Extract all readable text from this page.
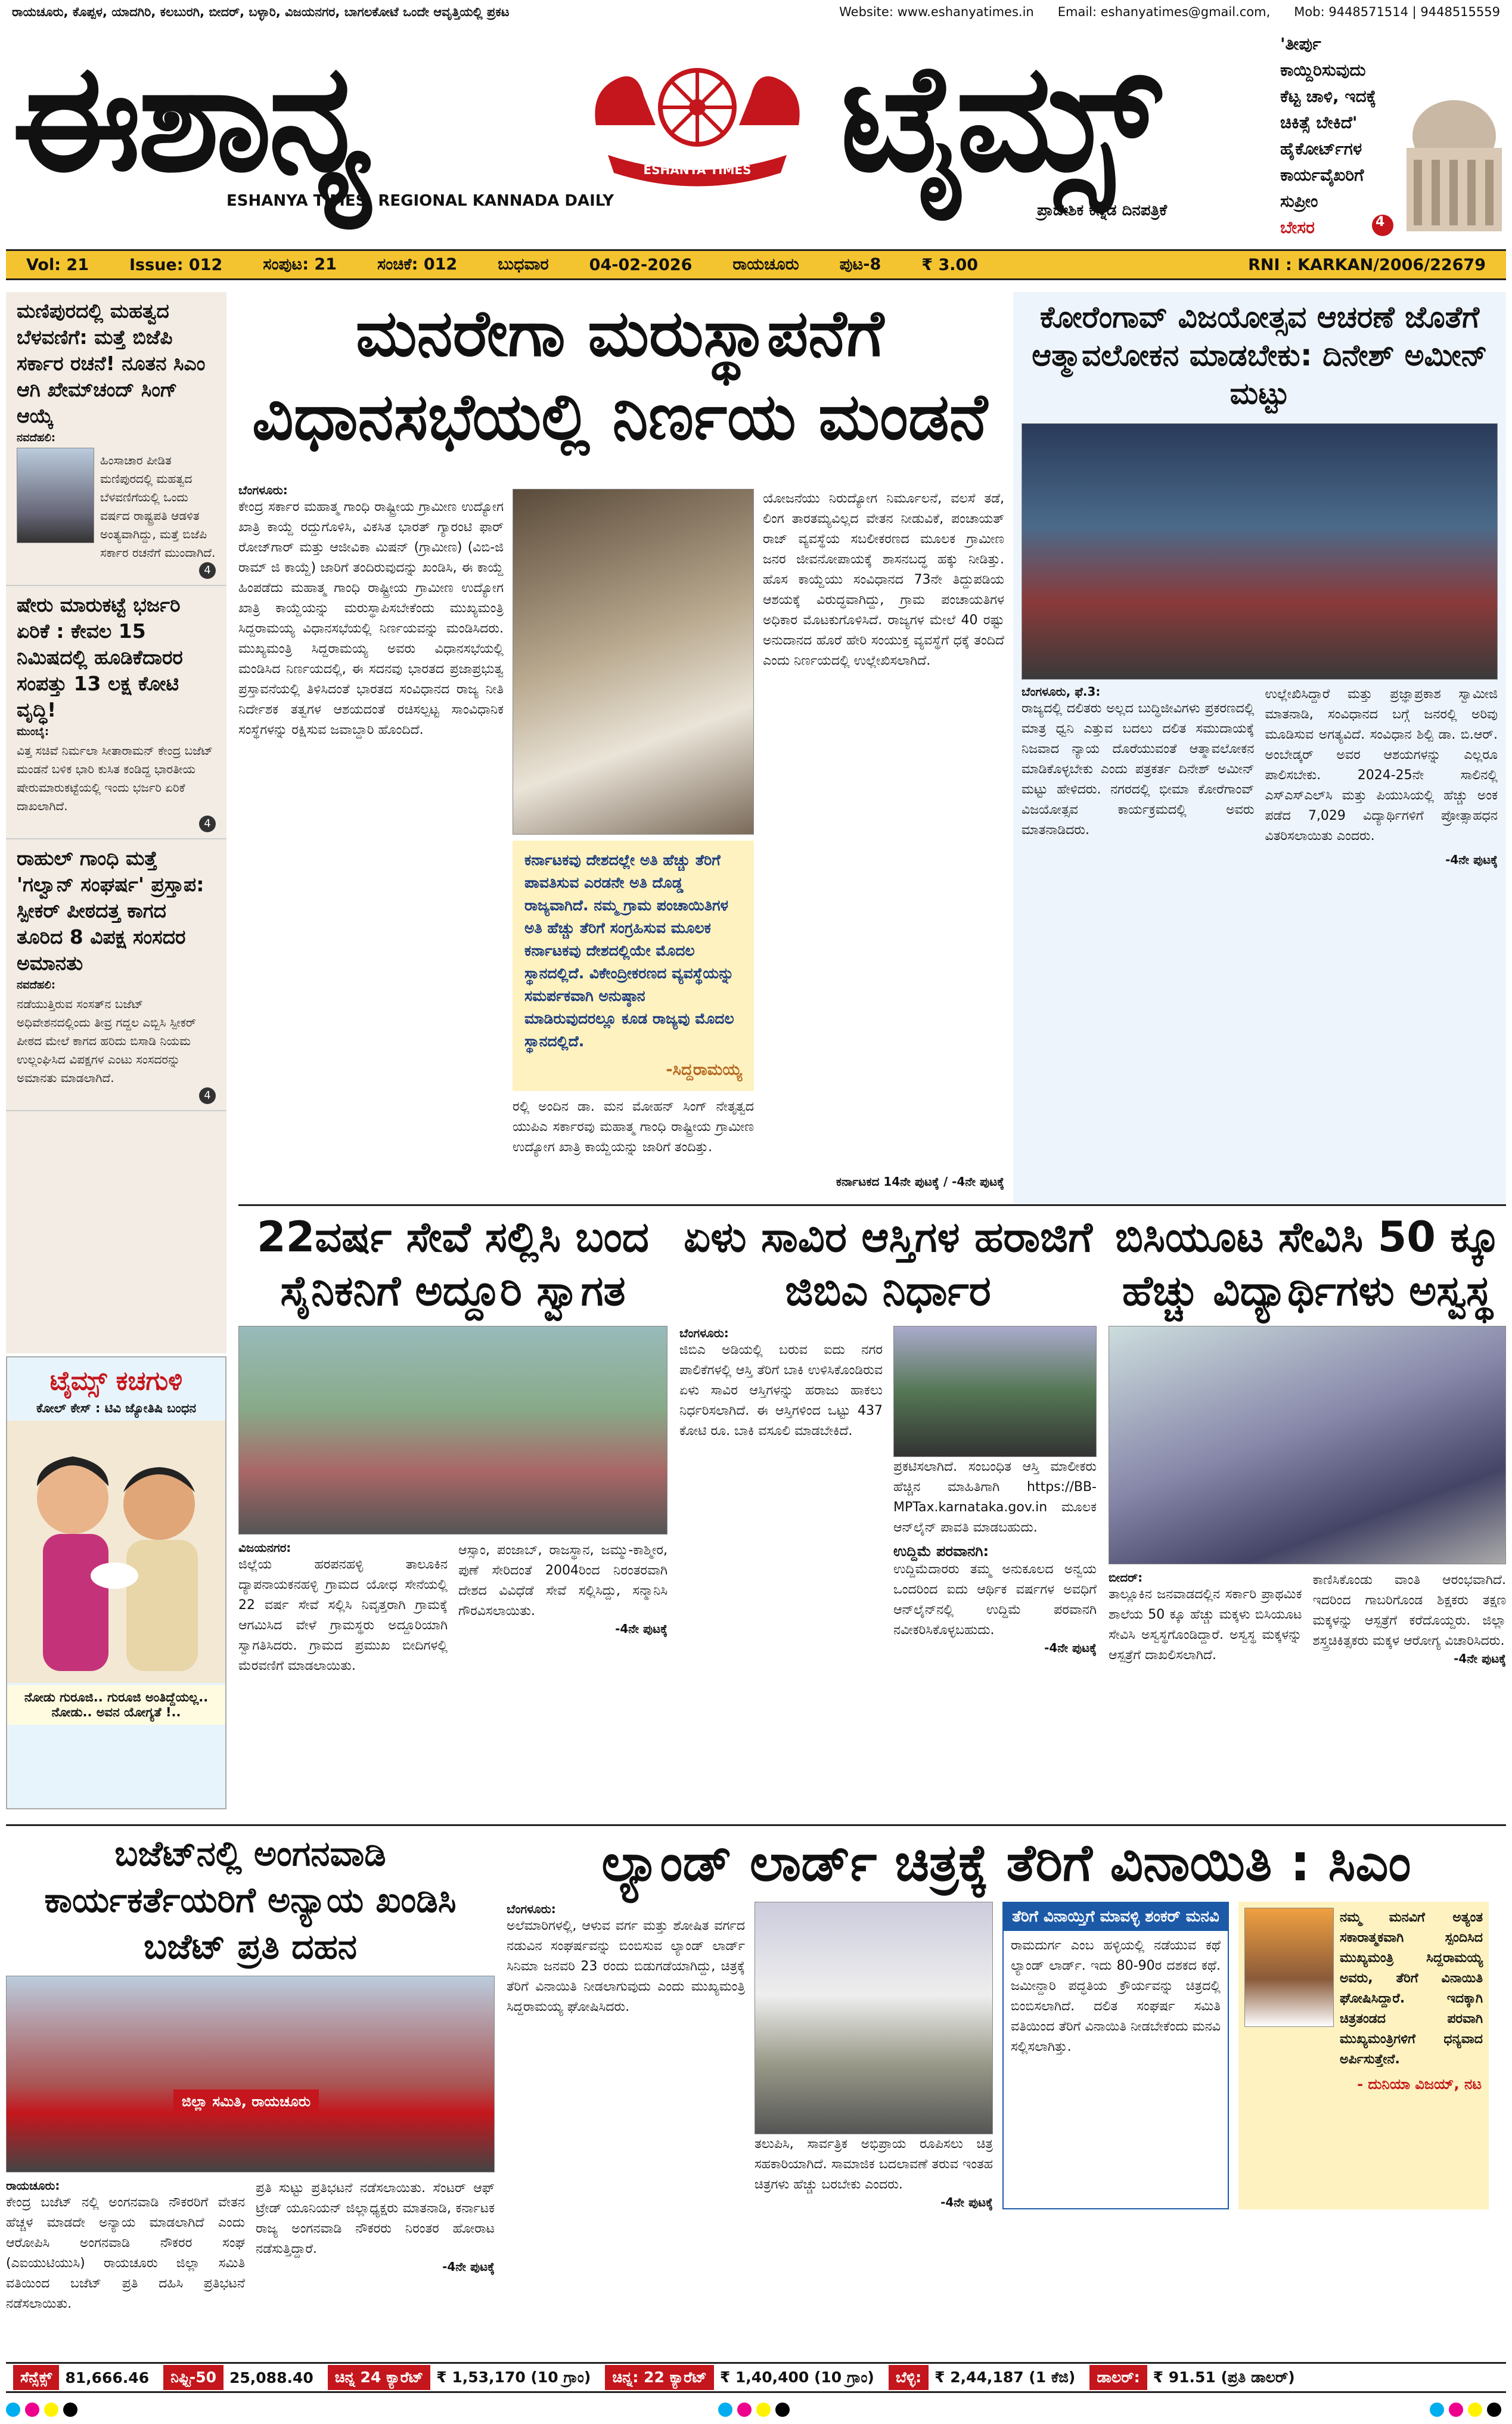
ರಾಯಚೂರು, ಕೊಪ್ಪಳ, ಯಾದಗಿರಿ, ಕಲಬುರಗಿ, ಬೀದರ್, ಬಳ್ಳಾರಿ, ವಿಜಯನಗರ, ಬಾಗಲಕೋಟೆ ಒಂದೇ ಆವೃತ್ತಿಯಲ್ಲಿ ಪ್ರಕಟ	Website: www.eshanyatimes.in Email: eshanyatimes@gmail.com, Mob: 9448571514 | 9448515559
ಈಶಾನ್ಯ	ESHANYA TIMES ಟೈಮ್ಸ್
ESHANYA TIMES, REGIONAL KANNADA DAILY
ಪ್ರಾದೇಶಿಕ ಕನ್ನಡ ದಿನಪತ್ರಿಕೆ
4
'ತೀರ್ಪು ಕಾಯ್ದಿರಿಸುವುದು
ಕೆಟ್ಟ ಚಾಳಿ, ಇದಕ್ಕೆ
ಚಿಕಿತ್ಸೆ ಬೇಕಿದೆ'
ಹೈಕೋರ್ಟ್‌ಗಳ
ಕಾರ್ಯವೈಖರಿಗೆ
ಸುಪ್ರೀಂ
ಬೇಸರ
Vol: 21	Issue: 012	ಸಂಪುಟ: 21	ಸಂಚಿಕೆ: 012	ಬುಧವಾರ	04-02-2026	ರಾಯಚೂರು	ಪುಟ-8	₹ 3.00	RNI : KARKAN/2006/22679
ಮಣಿಪುರದಲ್ಲಿ ಮಹತ್ವದ ಬೆಳವಣಿಗೆ: ಮತ್ತೆ ಬಿಜೆಪಿ ಸರ್ಕಾರ ರಚನೆ! ನೂತನ ಸಿಎಂ ಆಗಿ ಖೇಮ್‌ಚಂದ್ ಸಿಂಗ್ ಆಯ್ಕೆ
ನವದೆಹಲಿ:
ಹಿಂಸಾಚಾರ ಪೀಡಿತ ಮಣಿಪುರದಲ್ಲಿ ಮಹತ್ವದ ಬೆಳವಣಿಗೆಯಲ್ಲಿ ಒಂದು ವರ್ಷದ ರಾಷ್ಟ್ರಪತಿ ಆಡಳಿತ ಅಂತ್ಯವಾಗಿದ್ದು, ಮತ್ತೆ ಬಿಜೆಪಿ ಸರ್ಕಾರ ರಚನೆಗೆ ಮುಂದಾಗಿದೆ.
4
ಷೇರು ಮಾರುಕಟ್ಟೆ ಭರ್ಜರಿ ಏರಿಕೆ : ಕೇವಲ 15 ನಿಮಿಷದಲ್ಲಿ ಹೂಡಿಕೆದಾರರ ಸಂಪತ್ತು 13 ಲಕ್ಷ ಕೋಟಿ ವೃದ್ಧಿ!
ಮುಂಬೈ:
ವಿತ್ತ ಸಚಿವೆ ನಿರ್ಮಲಾ ಸೀತಾರಾಮನ್ ಕೇಂದ್ರ ಬಜೆಟ್ ಮಂಡನೆ ಬಳಿಕ ಭಾರಿ ಕುಸಿತ ಕಂಡಿದ್ದ ಭಾರತೀಯ ಷೇರುಮಾರುಕಟ್ಟೆಯಲ್ಲಿ ಇಂದು ಭರ್ಜರಿ ಏರಿಕೆ ದಾಖಲಾಗಿದೆ.
4
ರಾಹುಲ್ ಗಾಂಧಿ ಮತ್ತೆ 'ಗಲ್ವಾನ್ ಸಂಘರ್ಷ' ಪ್ರಸ್ತಾಪ: ಸ್ಪೀಕರ್ ಪೀಠದತ್ತ ಕಾಗದ ತೂರಿದ 8 ವಿಪಕ್ಷ ಸಂಸದರ ಅಮಾನತು
ನವದೆಹಲಿ:
ನಡೆಯುತ್ತಿರುವ ಸಂಸತ್‌ನ ಬಜೆಟ್ ಅಧಿವೇಶನದಲ್ಲಿಂದು ತೀವ್ರ ಗದ್ದಲ ಎಬ್ಬಿಸಿ ಸ್ಪೀಕರ್ ಪೀಠದ ಮೇಲೆ ಕಾಗದ ಹರಿದು ಬಿಸಾಡಿ ನಿಯಮ ಉಲ್ಲಂಘಿಸಿದ ವಿಪಕ್ಷಗಳ ಎಂಟು ಸಂಸದರನ್ನು ಅಮಾನತು ಮಾಡಲಾಗಿದೆ.
4
ಟೈಮ್ಸ್ ಕಚಗುಳಿ
ಕೋಲ್ ಕೇಸ್ : ಟಿವಿ ಜ್ಯೋತಿಷಿ ಬಂಧನ
ನೋಡು ಗುರೂಜಿ.. ಗುರೂಜಿ ಅಂತಿದ್ದೆಯಲ್ಲ.. ನೋಡು.. ಅವನ ಯೋಗ್ಯತೆ !..
ಮನರೇಗಾ ಮರುಸ್ಥಾಪನೆಗೆ
ವಿಧಾನಸಭೆಯಲ್ಲಿ ನಿರ್ಣಯ ಮಂಡನೆ
ಬೆಂಗಳೂರು:
ಕೇಂದ್ರ ಸರ್ಕಾರ ಮಹಾತ್ಮ ಗಾಂಧಿ ರಾಷ್ಟ್ರೀಯ ಗ್ರಾಮೀಣ ಉದ್ಯೋಗ ಖಾತ್ರಿ ಕಾಯ್ದೆ ರದ್ದುಗೊಳಿಸಿ, ವಿಕಸಿತ ಭಾರತ್ ಗ್ಯಾರಂಟಿ ಫಾರ್ ರೋಜ್‌ಗಾರ್ ಮತ್ತು ಆಜೀವಿಕಾ ಮಿಷನ್ (ಗ್ರಾಮೀಣ) (ವಿಬಿ-ಜಿ ರಾಮ್ ಜಿ ಕಾಯ್ದೆ) ಜಾರಿಗೆ ತಂದಿರುವುದನ್ನು ಖಂಡಿಸಿ, ಈ ಕಾಯ್ದೆ ಹಿಂಪಡೆದು ಮಹಾತ್ಮ ಗಾಂಧಿ ರಾಷ್ಟ್ರೀಯ ಗ್ರಾಮೀಣ ಉದ್ಯೋಗ ಖಾತ್ರಿ ಕಾಯ್ದೆಯನ್ನು ಮರುಸ್ಥಾಪಿಸಬೇಕೆಂದು ಮುಖ್ಯಮಂತ್ರಿ ಸಿದ್ದರಾಮಯ್ಯ ವಿಧಾನಸಭೆಯಲ್ಲಿ ನಿರ್ಣಯವನ್ನು ಮಂಡಿಸಿದರು. ಮುಖ್ಯಮಂತ್ರಿ ಸಿದ್ದರಾಮಯ್ಯ ಅವರು ವಿಧಾನಸಭೆಯಲ್ಲಿ ಮಂಡಿಸಿದ ನಿರ್ಣಯದಲ್ಲಿ, ಈ ಸದನವು ಭಾರತದ ಪ್ರಜಾಪ್ರಭುತ್ವ ಪ್ರಸ್ತಾವನೆಯಲ್ಲಿ ತಿಳಿಸಿದಂತೆ ಭಾರತದ ಸಂವಿಧಾನದ ರಾಜ್ಯ ನೀತಿ ನಿರ್ದೇಶಕ ತತ್ವಗಳ ಆಶಯದಂತೆ ರಚಿಸಲ್ಪಟ್ಟ ಸಾಂವಿಧಾನಿಕ ಸಂಸ್ಥೆಗಳನ್ನು ರಕ್ಷಿಸುವ ಜವಾಬ್ದಾರಿ ಹೊಂದಿದೆ.
ಕರ್ನಾಟಕವು ದೇಶದಲ್ಲೇ ಅತಿ ಹೆಚ್ಚು ತೆರಿಗೆ ಪಾವತಿಸುವ ಎರಡನೇ ಅತಿ ದೊಡ್ಡ ರಾಜ್ಯವಾಗಿದೆ. ನಮ್ಮ ಗ್ರಾಮ ಪಂಚಾಯಿತಿಗಳ ಅತಿ ಹೆಚ್ಚು ತೆರಿಗೆ ಸಂಗ್ರಹಿಸುವ ಮೂಲಕ ಕರ್ನಾಟಕವು ದೇಶದಲ್ಲಿಯೇ ಮೊದಲ ಸ್ಥಾನದಲ್ಲಿದೆ. ವಿಕೇಂದ್ರೀಕರಣದ ವ್ಯವಸ್ಥೆಯನ್ನು ಸಮರ್ಪಕವಾಗಿ ಅನುಷ್ಠಾನ ಮಾಡಿರುವುದರಲ್ಲೂ ಕೂಡ ರಾಜ್ಯವು ಮೊದಲ ಸ್ಥಾನದಲ್ಲಿದೆ.
-ಸಿದ್ದರಾಮಯ್ಯ
ರಲ್ಲಿ ಅಂದಿನ ಡಾ. ಮನ ಮೋಹನ್ ಸಿಂಗ್ ನೇತೃತ್ವದ ಯುಪಿಎ ಸರ್ಕಾರವು ಮಹಾತ್ಮ ಗಾಂಧಿ ರಾಷ್ಟ್ರೀಯ ಗ್ರಾಮೀಣ ಉದ್ಯೋಗ ಖಾತ್ರಿ ಕಾಯ್ದೆಯನ್ನು ಜಾರಿಗೆ ತಂದಿತ್ತು.
ಯೋಜನೆಯು ನಿರುದ್ಯೋಗ ನಿರ್ಮೂಲನೆ, ವಲಸೆ ತಡೆ, ಲಿಂಗ ತಾರತಮ್ಯವಿಲ್ಲದ ವೇತನ ನೀಡುವಿಕೆ, ಪಂಚಾಯತ್ ರಾಜ್ ವ್ಯವಸ್ಥೆಯ ಸಬಲೀಕರಣದ ಮೂಲಕ ಗ್ರಾಮೀಣ ಜನರ ಜೀವನೋಪಾಯಕ್ಕೆ ಶಾಸನಬದ್ಧ ಹಕ್ಕು ನೀಡಿತ್ತು. ಹೊಸ ಕಾಯ್ದೆಯು ಸಂವಿಧಾನದ 73ನೇ ತಿದ್ದುಪಡಿಯ ಆಶಯಕ್ಕೆ ವಿರುದ್ಧವಾಗಿದ್ದು, ಗ್ರಾಮ ಪಂಚಾಯತಿಗಳ ಅಧಿಕಾರ ಮೊಟಕುಗೊಳಿಸಿದೆ. ರಾಜ್ಯಗಳ ಮೇಲೆ 40 ರಷ್ಟು ಅನುದಾನದ ಹೊರೆ ಹೇರಿ ಸಂಯುಕ್ತ ವ್ಯವಸ್ಥೆಗೆ ಧಕ್ಕೆ ತಂದಿದೆ ಎಂದು ನಿರ್ಣಯದಲ್ಲಿ ಉಲ್ಲೇಖಿಸಲಾಗಿದೆ.
ಕರ್ನಾಟಕದ 14ನೇ ಪುಟಕ್ಕೆ / -4ನೇ ಪುಟಕ್ಕೆ
ಕೋರೆಂಗಾವ್ ವಿಜಯೋತ್ಸವ ಆಚರಣೆ ಜೊತೆಗೆ ಆತ್ಮಾವಲೋಕನ ಮಾಡಬೇಕು: ದಿನೇಶ್ ಅಮೀನ್ ಮಟ್ಟು
ಬೆಂಗಳೂರು, ಫೆ.3:
ರಾಜ್ಯದಲ್ಲಿ ದಲಿತರು ಅಲ್ಲದ ಬುದ್ಧಿಜೀವಿಗಳು ಪ್ರಕರಣದಲ್ಲಿ ಮಾತ್ರ ಧ್ವನಿ ಎತ್ತುವ ಬದಲು ದಲಿತ ಸಮುದಾಯಕ್ಕೆ ನಿಜವಾದ ನ್ಯಾಯ ದೊರೆಯುವಂತೆ ಆತ್ಮಾವಲೋಕನ ಮಾಡಿಕೊಳ್ಳಬೇಕು ಎಂದು ಪತ್ರಕರ್ತ ದಿನೇಶ್ ಅಮೀನ್ ಮಟ್ಟು ಹೇಳಿದರು. ನಗರದಲ್ಲಿ ಭೀಮಾ ಕೋರೆಗಾಂವ್ ವಿಜಯೋತ್ಸವ ಕಾರ್ಯಕ್ರಮದಲ್ಲಿ ಅವರು ಮಾತನಾಡಿದರು.
ಉಲ್ಲೇಖಿಸಿದ್ದಾರೆ ಮತ್ತು ಪ್ರಜ್ಞಾಪ್ರಕಾಶ ಸ್ವಾಮೀಜಿ ಮಾತನಾಡಿ, ಸಂವಿಧಾನದ ಬಗ್ಗೆ ಜನರಲ್ಲಿ ಅರಿವು ಮೂಡಿಸುವ ಅಗತ್ಯವಿದೆ. ಸಂವಿಧಾನ ಶಿಲ್ಪಿ ಡಾ. ಬಿ.ಆರ್. ಅಂಬೇಡ್ಕರ್ ಅವರ ಆಶಯಗಳನ್ನು ಎಲ್ಲರೂ ಪಾಲಿಸಬೇಕು. 2024-25ನೇ ಸಾಲಿನಲ್ಲಿ ಎಸ್‌ಎಸ್‌ಎಲ್‌ಸಿ ಮತ್ತು ಪಿಯುಸಿಯಲ್ಲಿ ಹೆಚ್ಚು ಅಂಕ ಪಡೆದ 7,029 ವಿದ್ಯಾರ್ಥಿಗಳಿಗೆ ಪ್ರೋತ್ಸಾಹಧನ ವಿತರಿಸಲಾಯಿತು ಎಂದರು.
-4ನೇ ಪುಟಕ್ಕೆ
22ವರ್ಷ ಸೇವೆ ಸಲ್ಲಿಸಿ ಬಂದ ಸೈನಿಕನಿಗೆ ಅದ್ದೂರಿ ಸ್ವಾಗತ
ವಿಜಯನಗರ:
ಜಿಲ್ಲೆಯ ಹರಪನಹಳ್ಳಿ ತಾಲೂಕಿನ ದ್ಯಾಪನಾಯಕನಹಳ್ಳಿ ಗ್ರಾಮದ ಯೋಧ ಸೇನೆಯಲ್ಲಿ 22 ವರ್ಷ ಸೇವೆ ಸಲ್ಲಿಸಿ ನಿವೃತ್ತರಾಗಿ ಗ್ರಾಮಕ್ಕೆ ಆಗಮಿಸಿದ ವೇಳೆ ಗ್ರಾಮಸ್ಥರು ಅದ್ದೂರಿಯಾಗಿ ಸ್ವಾಗತಿಸಿದರು. ಗ್ರಾಮದ ಪ್ರಮುಖ ಬೀದಿಗಳಲ್ಲಿ ಮೆರವಣಿಗೆ ಮಾಡಲಾಯಿತು.
ಆಸ್ಸಾಂ, ಪಂಜಾಬ್, ರಾಜಸ್ಥಾನ, ಜಮ್ಮು-ಕಾಶ್ಮೀರ, ಪುಣೆ ಸೇರಿದಂತೆ 2004ರಿಂದ ನಿರಂತರವಾಗಿ ದೇಶದ ವಿವಿಧೆಡೆ ಸೇವೆ ಸಲ್ಲಿಸಿದ್ದು, ಸನ್ಮಾನಿಸಿ ಗೌರವಿಸಲಾಯಿತು.
-4ನೇ ಪುಟಕ್ಕೆ
ಏಳು ಸಾವಿರ ಆಸ್ತಿಗಳ ಹರಾಜಿಗೆ ಜಿಬಿಎ ನಿರ್ಧಾರ
ಬೆಂಗಳೂರು:
ಜಿಬಿಎ ಅಡಿಯಲ್ಲಿ ಬರುವ ಐದು ನಗರ ಪಾಲಿಕೆಗಳಲ್ಲಿ ಆಸ್ತಿ ತೆರಿಗೆ ಬಾಕಿ ಉಳಿಸಿಕೊಂಡಿರುವ ಏಳು ಸಾವಿರ ಆಸ್ತಿಗಳನ್ನು ಹರಾಜು ಹಾಕಲು ನಿರ್ಧರಿಸಲಾಗಿದೆ. ಈ ಆಸ್ತಿಗಳಿಂದ ಒಟ್ಟು 437 ಕೋಟಿ ರೂ. ಬಾಕಿ ವಸೂಲಿ ಮಾಡಬೇಕಿದೆ.
ಪ್ರಕಟಿಸಲಾಗಿದೆ. ಸಂಬಂಧಿತ ಆಸ್ತಿ ಮಾಲೀಕರು ಹೆಚ್ಚಿನ ಮಾಹಿತಿಗಾಗಿ https://BB-MPTax.karnataka.gov.in ಮೂಲಕ ಆನ್‌ಲೈನ್ ಪಾವತಿ ಮಾಡಬಹುದು.
ಉದ್ದಿಮೆ ಪರವಾನಗಿ:
ಉದ್ದಿಮೆದಾರರು ತಮ್ಮ ಅನುಕೂಲದ ಅನ್ವಯ ಒಂದರಿಂದ ಐದು ಆರ್ಥಿಕ ವರ್ಷಗಳ ಅವಧಿಗೆ ಆನ್‌ಲೈನ್‌ನಲ್ಲಿ ಉದ್ದಿಮೆ ಪರವಾನಗಿ ನವೀಕರಿಸಿಕೊಳ್ಳಬಹುದು.
-4ನೇ ಪುಟಕ್ಕೆ
ಬಿಸಿಯೂಟ ಸೇವಿಸಿ 50 ಕ್ಕೂ ಹೆಚ್ಚು ವಿದ್ಯಾರ್ಥಿಗಳು ಅಸ್ವಸ್ಥ
ಬೀದರ್:
ತಾಲ್ಲೂಕಿನ ಜನವಾಡದಲ್ಲಿನ ಸರ್ಕಾರಿ ಪ್ರಾಥಮಿಕ ಶಾಲೆಯ 50 ಕ್ಕೂ ಹೆಚ್ಚು ಮಕ್ಕಳು ಬಿಸಿಯೂಟ ಸೇವಿಸಿ ಅಸ್ವಸ್ಥಗೊಂಡಿದ್ದಾರೆ. ಅಸ್ವಸ್ಥ ಮಕ್ಕಳನ್ನು ಆಸ್ಪತ್ರೆಗೆ ದಾಖಲಿಸಲಾಗಿದೆ.
ಕಾಣಿಸಿಕೊಂಡು ವಾಂತಿ ಆರಂಭವಾಗಿದೆ. ಇದರಿಂದ ಗಾಬರಿಗೊಂಡ ಶಿಕ್ಷಕರು ತಕ್ಷಣ ಮಕ್ಕಳನ್ನು ಆಸ್ಪತ್ರೆಗೆ ಕರೆದೊಯ್ದರು. ಜಿಲ್ಲಾ ಶಸ್ತ್ರಚಿಕಿತ್ಸಕರು ಮಕ್ಕಳ ಆರೋಗ್ಯ ವಿಚಾರಿಸಿದರು.
-4ನೇ ಪುಟಕ್ಕೆ
ಬಜೆಟ್‌ನಲ್ಲಿ ಅಂಗನವಾಡಿ ಕಾರ್ಯಕರ್ತೆಯರಿಗೆ ಅನ್ಯಾಯ ಖಂಡಿಸಿ ಬಜೆಟ್ ಪ್ರತಿ ದಹನ
ಜಿಲ್ಲಾ ಸಮಿತಿ, ರಾಯಚೂರು
ರಾಯಚೂರು:
ಕೇಂದ್ರ ಬಜೆಟ್ ನಲ್ಲಿ ಅಂಗನವಾಡಿ ನೌಕರರಿಗೆ ವೇತನ ಹೆಚ್ಚಳ ಮಾಡದೇ ಅನ್ಯಾಯ ಮಾಡಲಾಗಿದೆ ಎಂದು ಆರೋಪಿಸಿ ಅಂಗನವಾಡಿ ನೌಕರರ ಸಂಘ (ಎಐಯುಟಿಯುಸಿ) ರಾಯಚೂರು ಜಿಲ್ಲಾ ಸಮಿತಿ ವತಿಯಿಂದ ಬಜೆಟ್ ಪ್ರತಿ ದಹಿಸಿ ಪ್ರತಿಭಟನೆ ನಡೆಸಲಾಯಿತು.
ಪ್ರತಿ ಸುಟ್ಟು ಪ್ರತಿಭಟನೆ ನಡೆಸಲಾಯಿತು. ಸೆಂಟರ್ ಆಫ್ ಟ್ರೇಡ್ ಯೂನಿಯನ್ ಜಿಲ್ಲಾಧ್ಯಕ್ಷರು ಮಾತನಾಡಿ, ಕರ್ನಾಟಕ ರಾಜ್ಯ ಅಂಗನವಾಡಿ ನೌಕರರು ನಿರಂತರ ಹೋರಾಟ ನಡೆಸುತ್ತಿದ್ದಾರೆ.
-4ನೇ ಪುಟಕ್ಕೆ
ಲ್ಯಾಂಡ್ ಲಾರ್ಡ್ ಚಿತ್ರಕ್ಕೆ ತೆರಿಗೆ ವಿನಾಯಿತಿ : ಸಿಎಂ
ಬೆಂಗಳೂರು:
ಅಲೆಮಾರಿಗಳಲ್ಲಿ, ಆಳುವ ವರ್ಗ ಮತ್ತು ಶೋಷಿತ ವರ್ಗದ ನಡುವಿನ ಸಂಘರ್ಷವನ್ನು ಬಿಂಬಿಸುವ ಲ್ಯಾಂಡ್ ಲಾರ್ಡ್ ಸಿನಿಮಾ ಜನವರಿ 23 ರಂದು ಬಿಡುಗಡೆಯಾಗಿದ್ದು, ಚಿತ್ರಕ್ಕೆ ತೆರಿಗೆ ವಿನಾಯಿತಿ ನೀಡಲಾಗುವುದು ಎಂದು ಮುಖ್ಯಮಂತ್ರಿ ಸಿದ್ದರಾಮಯ್ಯ ಘೋಷಿಸಿದರು.
ತಲುಪಿಸಿ, ಸಾರ್ವತ್ರಿಕ ಅಭಿಪ್ರಾಯ ರೂಪಿಸಲು ಚಿತ್ರ ಸಹಕಾರಿಯಾಗಿದೆ. ಸಾಮಾಜಿಕ ಬದಲಾವಣೆ ತರುವ ಇಂತಹ ಚಿತ್ರಗಳು ಹೆಚ್ಚು ಬರಬೇಕು ಎಂದರು.
-4ನೇ ಪುಟಕ್ಕೆ
ತೆರಿಗೆ ವಿನಾಯ್ತಿಗೆ ಮಾವಳ್ಳಿ ಶಂಕರ್ ಮನವಿ
ರಾಮದುರ್ಗ ಎಂಬ ಹಳ್ಳಿಯಲ್ಲಿ ನಡೆಯುವ ಕಥೆ ಲ್ಯಾಂಡ್ ಲಾರ್ಡ್. ಇದು 80-90ರ ದಶಕದ ಕಥೆ. ಜಮೀನ್ದಾರಿ ಪದ್ಧತಿಯ ಕ್ರೌರ್ಯವನ್ನು ಚಿತ್ರದಲ್ಲಿ ಬಿಂಬಿಸಲಾಗಿದೆ. ದಲಿತ ಸಂಘರ್ಷ ಸಮಿತಿ ವತಿಯಿಂದ ತೆರಿಗೆ ವಿನಾಯಿತಿ ನೀಡಬೇಕೆಂದು ಮನವಿ ಸಲ್ಲಿಸಲಾಗಿತ್ತು.
ನಮ್ಮ ಮನವಿಗೆ ಅತ್ಯಂತ ಸಕಾರಾತ್ಮಕವಾಗಿ ಸ್ಪಂದಿಸಿದ ಮುಖ್ಯಮಂತ್ರಿ ಸಿದ್ದರಾಮಯ್ಯ ಅವರು, ತೆರಿಗೆ ವಿನಾಯಿತಿ ಘೋಷಿಸಿದ್ದಾರೆ. ಇದಕ್ಕಾಗಿ ಚಿತ್ರತಂಡದ ಪರವಾಗಿ ಮುಖ್ಯಮಂತ್ರಿಗಳಿಗೆ ಧನ್ಯವಾದ ಅರ್ಪಿಸುತ್ತೇನೆ.
- ದುನಿಯಾ ವಿಜಯ್, ನಟ
ಸೆನ್ಸೆಕ್ಸ್ 81,666.46	ನಿಫ್ಟಿ-50 25,088.40	ಚಿನ್ನ 24 ಕ್ಯಾರೆಟ್ ₹ 1,53,170 (10 ಗ್ರಾಂ)	ಚಿನ್ನ: 22 ಕ್ಯಾರೆಟ್ ₹ 1,40,400 (10 ಗ್ರಾಂ)	ಬೆಳ್ಳಿ: ₹ 2,44,187 (1 ಕೆಜಿ)	ಡಾಲರ್: ₹ 91.51 (ಪ್ರತಿ ಡಾಲರ್)
